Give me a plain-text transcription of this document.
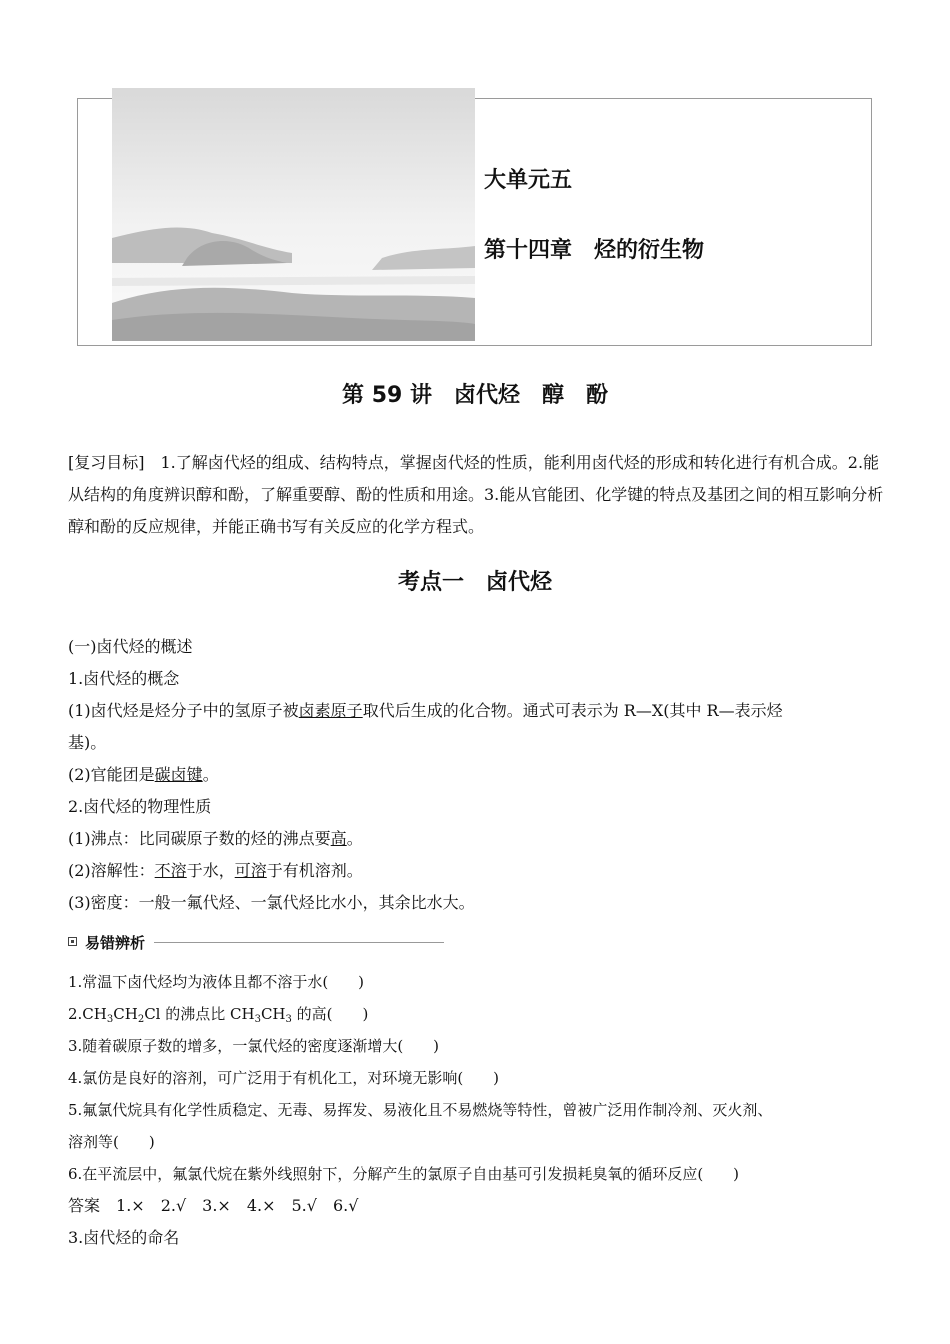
大单元五
第十四章　烃的衍生物
第 59 讲　卤代烃　醇　酚
[复习目标]　1.了解卤代烃的组成、结构特点，掌握卤代烃的性质，能利用卤代烃的形成和转化进行有机合成。2.能从结构的角度辨识醇和酚，了解重要醇、酚的性质和用途。3.能从官能团、化学键的特点及基团之间的相互影响分析醇和酚的反应规律，并能正确书写有关反应的化学方程式。
考点一　卤代烃
(一)卤代烃的概述
1.卤代烃的概念
(1)卤代烃是烃分子中的氢原子被卤素原子取代后生成的化合物。通式可表示为 R—X(其中 R—表示烃
基)。
(2)官能团是碳卤键。
2.卤代烃的物理性质
(1)沸点：比同碳原子数的烃的沸点要高。
(2)溶解性：不溶于水，可溶于有机溶剂。
(3)密度：一般一氟代烃、一氯代烃比水小，其余比水大。
易错辨析
1.常温下卤代烃均为液体且都不溶于水(　　)
$2.CH_3CH_2Cl$ 的沸点比 $CH_3CH_3$ 的高(　　)
3.随着碳原子数的增多，一氯代烃的密度逐渐增大(　　)
4.氯仿是良好的溶剂，可广泛用于有机化工，对环境无影响(　　)
5.氟氯代烷具有化学性质稳定、无毒、易挥发、易液化且不易燃烧等特性，曾被广泛用作制冷剂、灭火剂、
溶剂等(　　)
6.在平流层中，氟氯代烷在紫外线照射下，分解产生的氯原子自由基可引发损耗臭氧的循环反应(　　)
答案　1.×　2.√　3.×　4.×　5.√　6.√
3.卤代烃的命名
